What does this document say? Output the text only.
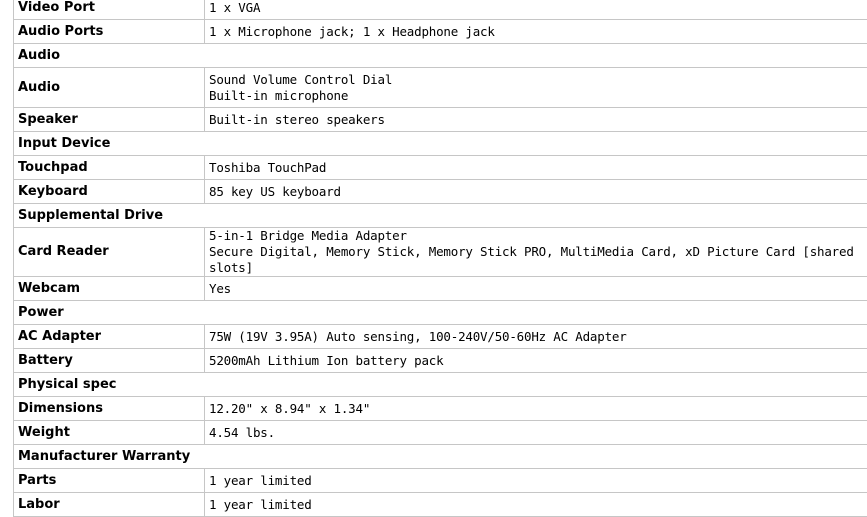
Video Port	1 x VGA

Audio Ports	1 x Microphone jack; 1 x Headphone jack

Audio	
Audio	Sound Volume Control Dial
Built-in microphone

Speaker	Built-in stereo speakers

Input Device	
Touchpad	Toshiba TouchPad

Keyboard	85 key US keyboard

Supplemental Drive	
Card Reader	5-in-1 Bridge Media Adapter
Secure Digital, Memory Stick, Memory Stick PRO, MultiMedia Card, xD Picture Card [shared slots]

Webcam	Yes

Power	
AC Adapter	75W (19V 3.95A) Auto sensing, 100-240V/50-60Hz AC Adapter

Battery	5200mAh Lithium Ion battery pack

Physical spec	
Dimensions	12.20" x 8.94" x 1.34"

Weight	4.54 lbs.

Manufacturer Warranty	
Parts	1 year limited

Labor	1 year limited
